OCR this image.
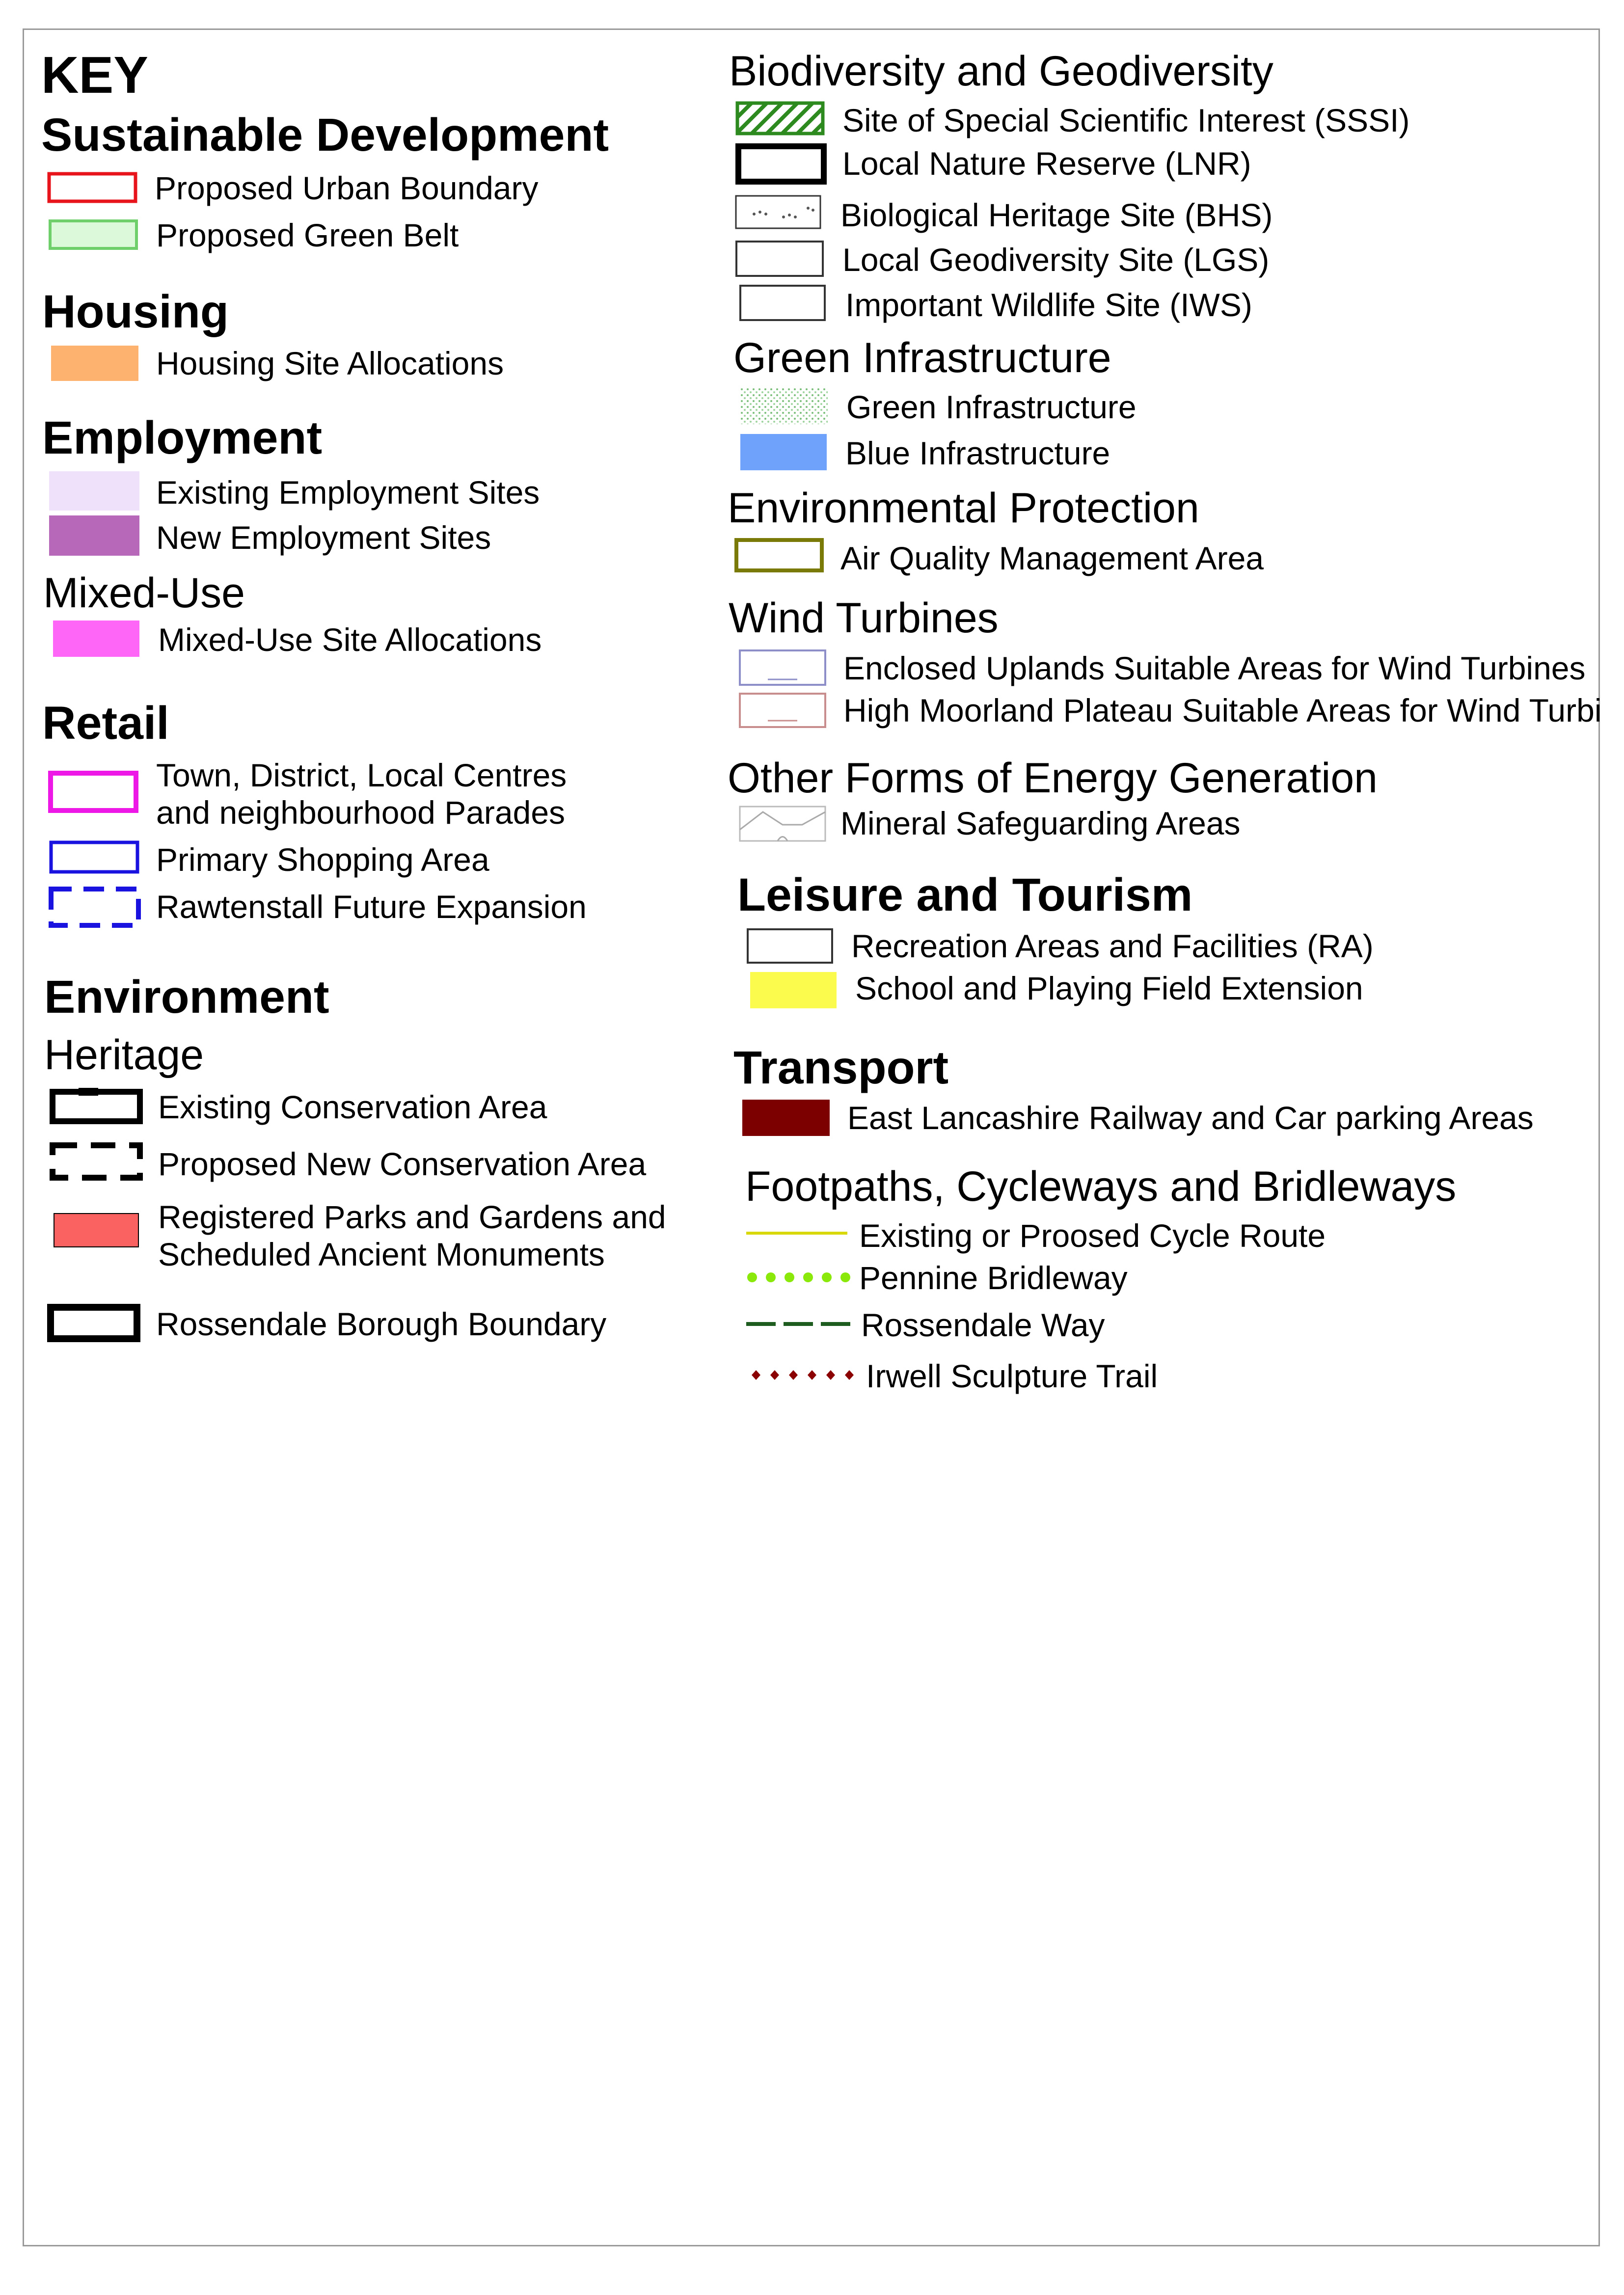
KEY
Sustainable Development
Proposed Urban Boundary
Proposed Green Belt
Housing
Housing Site Allocations
Employment
Existing Employment Sites
New Employment Sites
Mixed-Use
Mixed-Use Site Allocations
Retail
Town, District, Local Centres
and neighbourhood Parades
Primary Shopping Area
Rawtenstall Future Expansion
Environment
Heritage
Existing Conservation Area
Proposed New Conservation Area
Registered Parks and Gardens and
Scheduled Ancient Monuments
Rossendale Borough Boundary
Biodiversity and Geodiversity
Site of Special Scientific Interest (SSSI)
Local Nature Reserve (LNR)
Biological Heritage Site (BHS)
Local Geodiversity Site (LGS)
Important Wildlife Site (IWS)
Green Infrastructure
Green Infrastructure
Blue Infrastructure
Environmental Protection
Air Quality Management Area
Wind Turbines
Enclosed Uplands Suitable Areas for Wind Turbines
High Moorland Plateau Suitable Areas for Wind Turbi
Other Forms of Energy Generation
Mineral Safeguarding Areas
Leisure and Tourism
Recreation Areas and Facilities (RA)
School and Playing Field Extension
Transport
East Lancashire Railway and Car parking Areas
Footpaths, Cycleways and Bridleways
Existing or Proosed Cycle Route
Pennine Bridleway
Rossendale Way
Irwell Sculpture Trail
